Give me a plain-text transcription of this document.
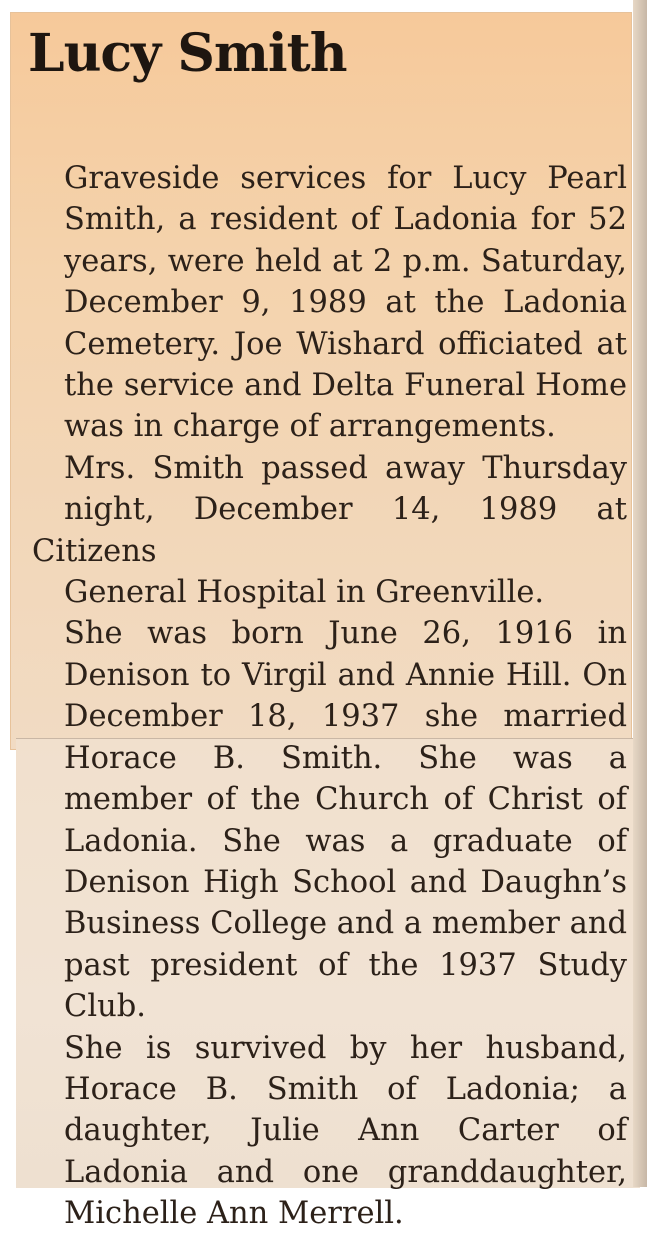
Lucy Smith

Graveside services for Lucy Pearl
Smith, a resident of Ladonia for 52
years, were held at 2 p.m. Saturday,
December 9, 1989 at the Ladonia
Cemetery. Joe Wishard officiated at
the service and Delta Funeral Home
was in charge of arrangements.

Mrs. Smith passed away Thursday
night, December 14, 1989 at Citizens
General Hospital in Greenville.

She was born June 26, 1916 in
Denison to Virgil and Annie Hill. On
December 18, 1937 she married
Horace B. Smith. She was a
member of the Church of Christ of
Ladonia. She was a graduate of
Denison High School and Daughn’s
Business College and a member and
past president of the 1937 Study
Club.

She is survived by her husband,
Horace B. Smith of Ladonia; a
daughter, Julie Ann Carter of
Ladonia and one granddaughter,
Michelle Ann Merrell.
